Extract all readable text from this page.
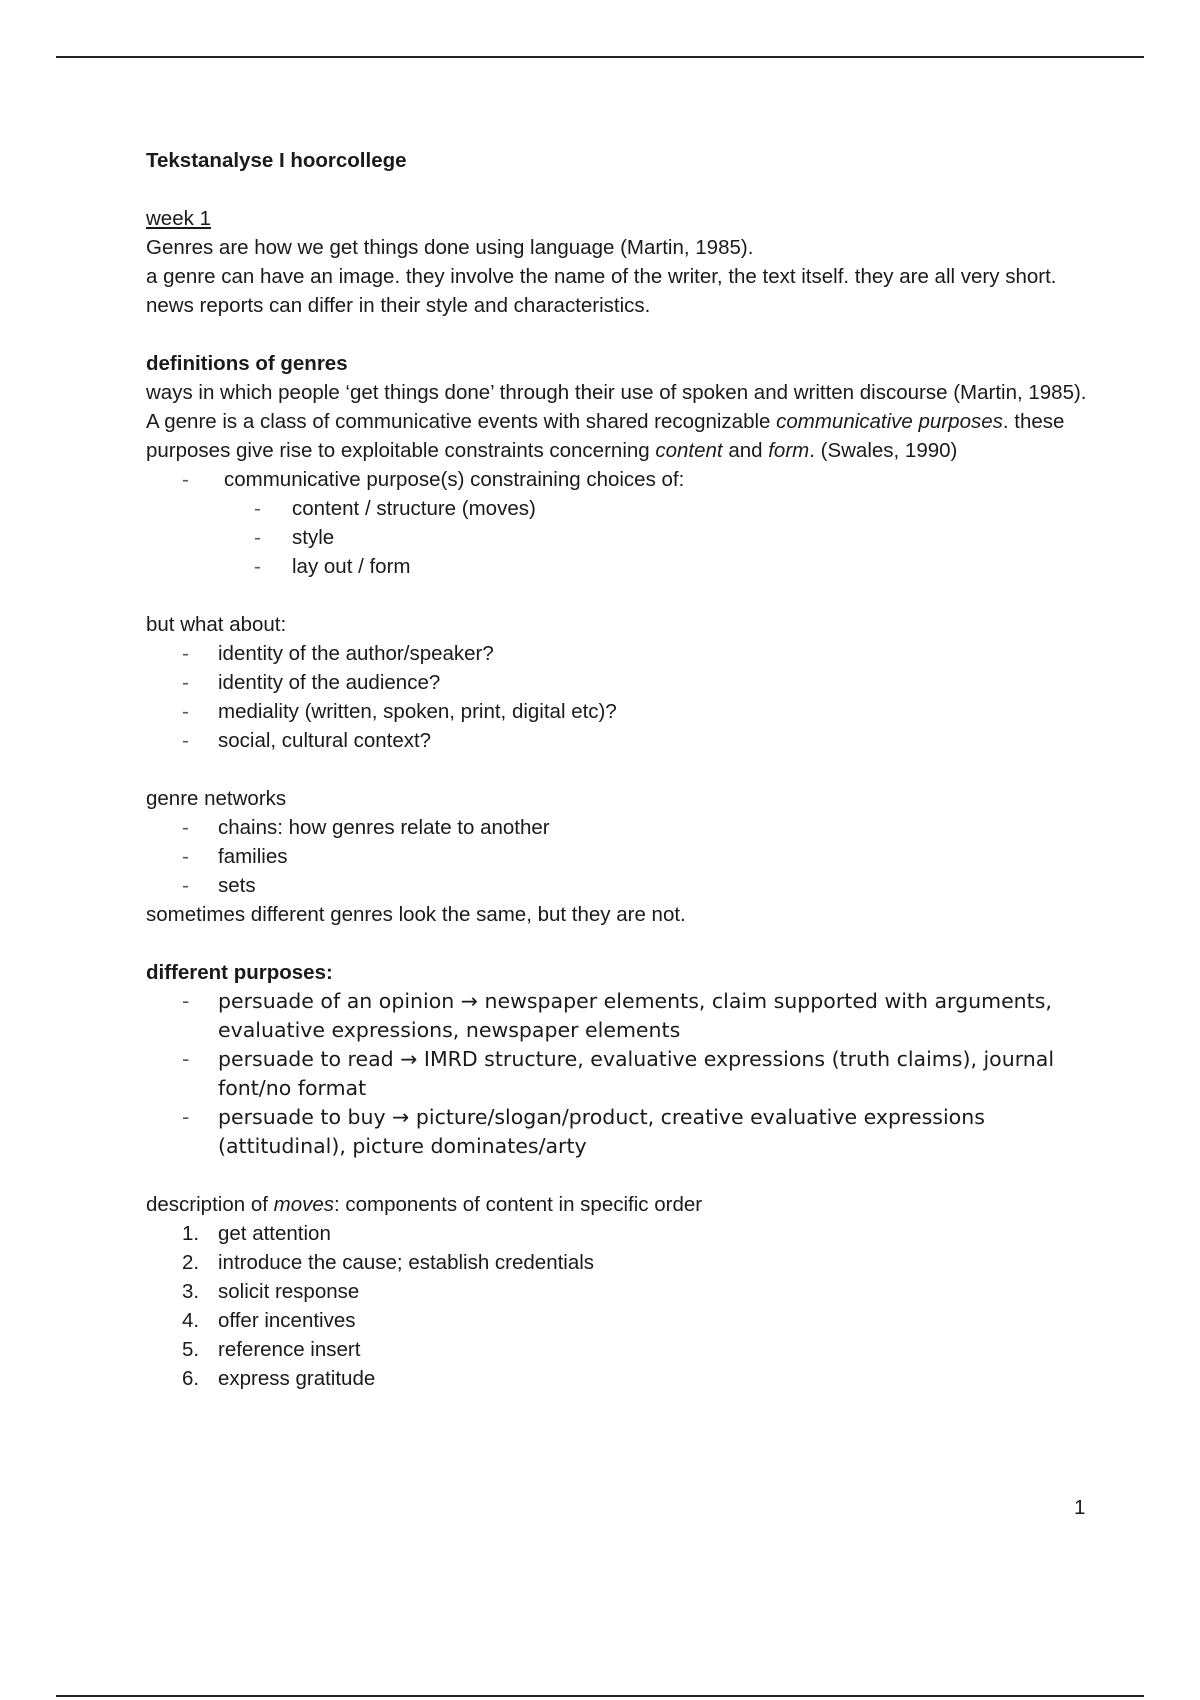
Tekstanalyse I hoorcollege

week 1

Genres are how we get things done using language (Martin, 1985).

a genre can have an image. they involve the name of the writer, the text itself. they are all very short. news reports can differ in their style and characteristics.

definitions of genres

ways in which people ‘get things done’ through their use of spoken and written discourse (Martin, 1985).

A genre is a class of communicative events with shared recognizable communicative purposes. these purposes give rise to exploitable constraints concerning content and form. (Swales, 1990)

- communicative purpose(s) constraining choices of:
- content / structure (moves)
- style
- lay out / form

but what about:

- identity of the author/speaker?
- identity of the audience?
- mediality (written, spoken, print, digital etc)?
- social, cultural context?

genre networks

- chains: how genres relate to another
- families
- sets

sometimes different genres look the same, but they are not.

different purposes:

- persuade of an opinion → newspaper elements, claim supported with arguments, evaluative expressions, newspaper elements
- persuade to read → IMRD structure, evaluative expressions (truth claims), journal font/no format
- persuade to buy → picture/slogan/product, creative evaluative expressions (attitudinal), picture dominates/arty

description of moves: components of content in specific order

1. get attention
2. introduce the cause; establish credentials
3. solicit response
4. offer incentives
5. reference insert
6. express gratitude
1
